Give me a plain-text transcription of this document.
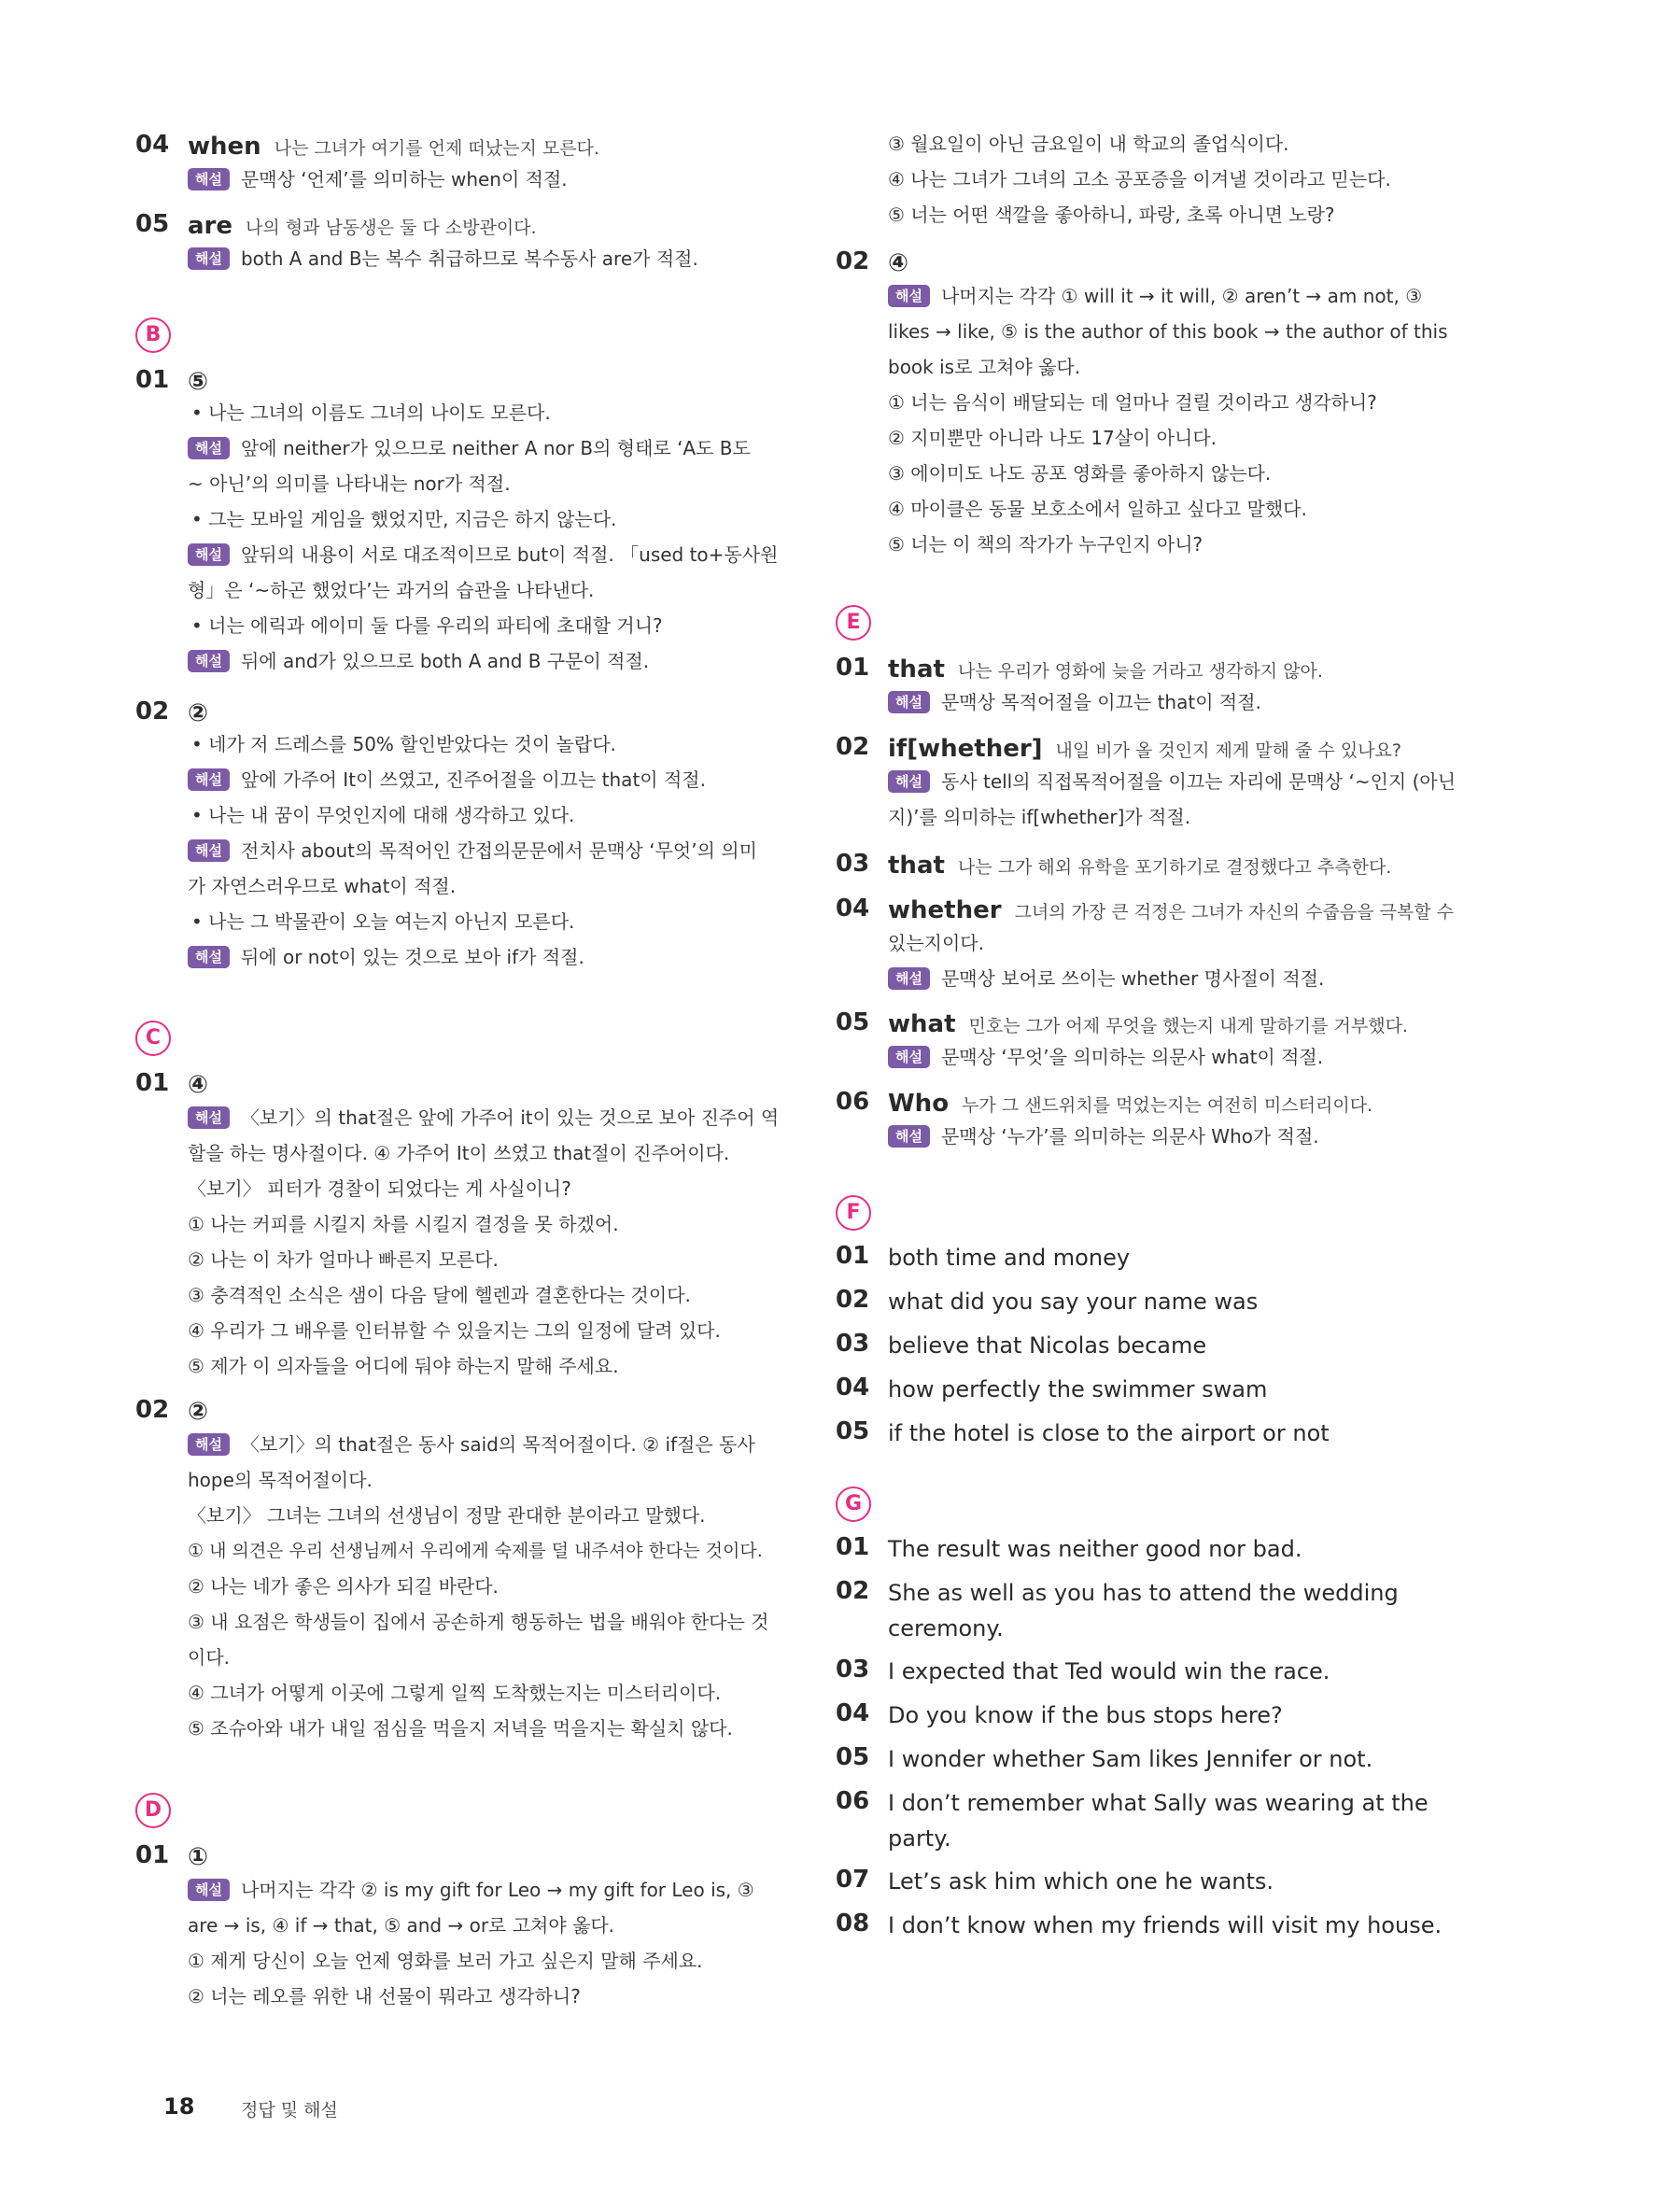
04 when 나는 그녀가 여기를 언제 떠났는지 모른다.
해설 문맥상 ‘언제’를 의미하는 when이 적절.
05 are 나의 형과 남동생은 둘 다 소방관이다.
해설 both A and B는 복수 취급하므로 복수동사 are가 적절.
B
01 ⑤
• 나는 그녀의 이름도 그녀의 나이도 모른다.
해설 앞에 neither가 있으므로 neither A nor B의 형태로 ‘A도 B도
~ 아닌’의 의미를 나타내는 nor가 적절.
• 그는 모바일 게임을 했었지만, 지금은 하지 않는다.
해설 앞뒤의 내용이 서로 대조적이므로 but이 적절. 「used to+동사원
형」은 ‘~하곤 했었다’는 과거의 습관을 나타낸다.
• 너는 에릭과 에이미 둘 다를 우리의 파티에 초대할 거니?
해설 뒤에 and가 있으므로 both A and B 구문이 적절.
02 ②
• 네가 저 드레스를 50% 할인받았다는 것이 놀랍다.
해설 앞에 가주어 It이 쓰였고, 진주어절을 이끄는 that이 적절.
• 나는 내 꿈이 무엇인지에 대해 생각하고 있다.
해설 전치사 about의 목적어인 간접의문문에서 문맥상 ‘무엇’의 의미
가 자연스러우므로 what이 적절.
• 나는 그 박물관이 오늘 여는지 아닌지 모른다.
해설 뒤에 or not이 있는 것으로 보아 if가 적절.
C
01 ④
해설 〈보기〉의 that절은 앞에 가주어 it이 있는 것으로 보아 진주어 역
할을 하는 명사절이다. ④ 가주어 It이 쓰였고 that절이 진주어이다.
〈보기〉 피터가 경찰이 되었다는 게 사실이니?
① 나는 커피를 시킬지 차를 시킬지 결정을 못 하겠어.
② 나는 이 차가 얼마나 빠른지 모른다.
③ 충격적인 소식은 샘이 다음 달에 헬렌과 결혼한다는 것이다.
④ 우리가 그 배우를 인터뷰할 수 있을지는 그의 일정에 달려 있다.
⑤ 제가 이 의자들을 어디에 둬야 하는지 말해 주세요.
02 ②
해설 〈보기〉의 that절은 동사 said의 목적어절이다. ② if절은 동사
hope의 목적어절이다.
〈보기〉 그녀는 그녀의 선생님이 정말 관대한 분이라고 말했다.
① 내 의견은 우리 선생님께서 우리에게 숙제를 덜 내주셔야 한다는 것이다.
② 나는 네가 좋은 의사가 되길 바란다.
③ 내 요점은 학생들이 집에서 공손하게 행동하는 법을 배워야 한다는 것
이다.
④ 그녀가 어떻게 이곳에 그렇게 일찍 도착했는지는 미스터리이다.
⑤ 조슈아와 내가 내일 점심을 먹을지 저녁을 먹을지는 확실치 않다.
D
01 ①
해설 나머지는 각각 ② is my gift for Leo → my gift for Leo is, ③
are → is, ④ if → that, ⑤ and → or로 고쳐야 옳다.
① 제게 당신이 오늘 언제 영화를 보러 가고 싶은지 말해 주세요.
② 너는 레오를 위한 내 선물이 뭐라고 생각하니?
③ 월요일이 아닌 금요일이 내 학교의 졸업식이다.
④ 나는 그녀가 그녀의 고소 공포증을 이겨낼 것이라고 믿는다.
⑤ 너는 어떤 색깔을 좋아하니, 파랑, 초록 아니면 노랑?
02 ④
해설 나머지는 각각 ① will it → it will, ② aren’t → am not, ③
likes → like, ⑤ is the author of this book → the author of this
book is로 고쳐야 옳다.
① 너는 음식이 배달되는 데 얼마나 걸릴 것이라고 생각하니?
② 지미뿐만 아니라 나도 17살이 아니다.
③ 에이미도 나도 공포 영화를 좋아하지 않는다.
④ 마이클은 동물 보호소에서 일하고 싶다고 말했다.
⑤ 너는 이 책의 작가가 누구인지 아니?
E
01 that 나는 우리가 영화에 늦을 거라고 생각하지 않아.
해설 문맥상 목적어절을 이끄는 that이 적절.
02 if[whether] 내일 비가 올 것인지 제게 말해 줄 수 있나요?
해설 동사 tell의 직접목적어절을 이끄는 자리에 문맥상 ‘~인지 (아닌
지)’를 의미하는 if[whether]가 적절.
03 that 나는 그가 해외 유학을 포기하기로 결정했다고 추측한다.
04 whether 그녀의 가장 큰 걱정은 그녀가 자신의 수줍음을 극복할 수
있는지이다.
해설 문맥상 보어로 쓰이는 whether 명사절이 적절.
05 what 민호는 그가 어제 무엇을 했는지 내게 말하기를 거부했다.
해설 문맥상 ‘무엇’을 의미하는 의문사 what이 적절.
06 Who 누가 그 샌드위치를 먹었는지는 여전히 미스터리이다.
해설 문맥상 ‘누가’를 의미하는 의문사 Who가 적절.
F
01 both time and money
02 what did you say your name was
03 believe that Nicolas became
04 how perfectly the swimmer swam
05 if the hotel is close to the airport or not
G
01 The result was neither good nor bad.
02 She as well as you has to attend the wedding
ceremony.
03 I expected that Ted would win the race.
04 Do you know if the bus stops here?
05 I wonder whether Sam likes Jennifer or not.
06 I don’t remember what Sally was wearing at the
party.
07 Let’s ask him which one he wants.
08 I don’t know when my friends will visit my house.
18	정답 및 해설
